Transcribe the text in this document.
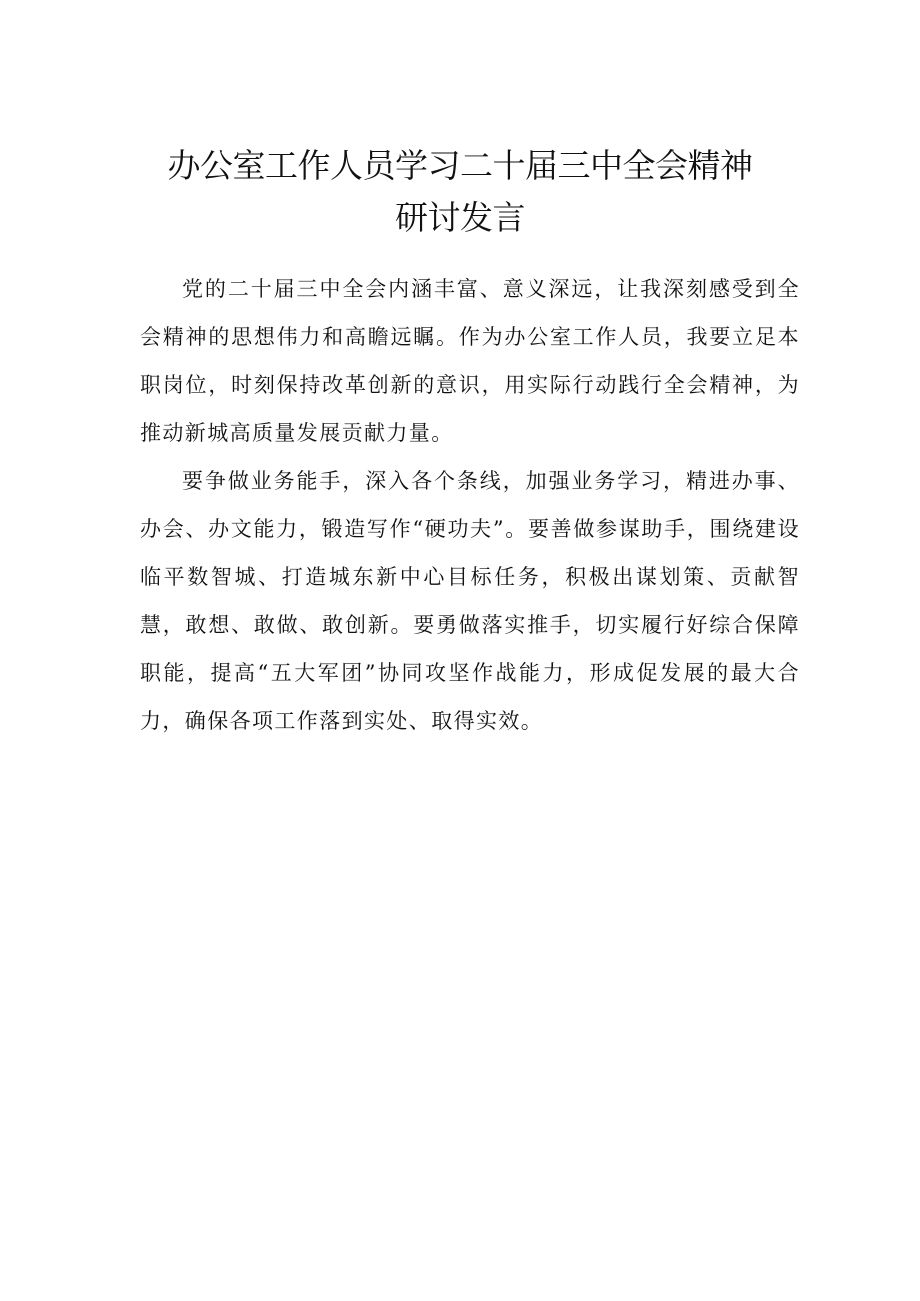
办公室工作人员学习二十届三中全会精神
研讨发言

党的二十届三中全会内涵丰富、意义深远，让我深刻感受到全会精神的思想伟力和高瞻远瞩。作为办公室工作人员，我要立足本职岗位，时刻保持改革创新的意识，用实际行动践行全会精神，为推动新城高质量发展贡献力量。

要争做业务能手，深入各个条线，加强业务学习，精进办事、办会、办文能力，锻造写作“硬功夫”。要善做参谋助手，围绕建设临平数智城、打造城东新中心目标任务，积极出谋划策、贡献智慧，敢想、敢做、敢创新。要勇做落实推手，切实履行好综合保障职能，提高“五大军团”协同攻坚作战能力，形成促发展的最大合力，确保各项工作落到实处、取得实效。
